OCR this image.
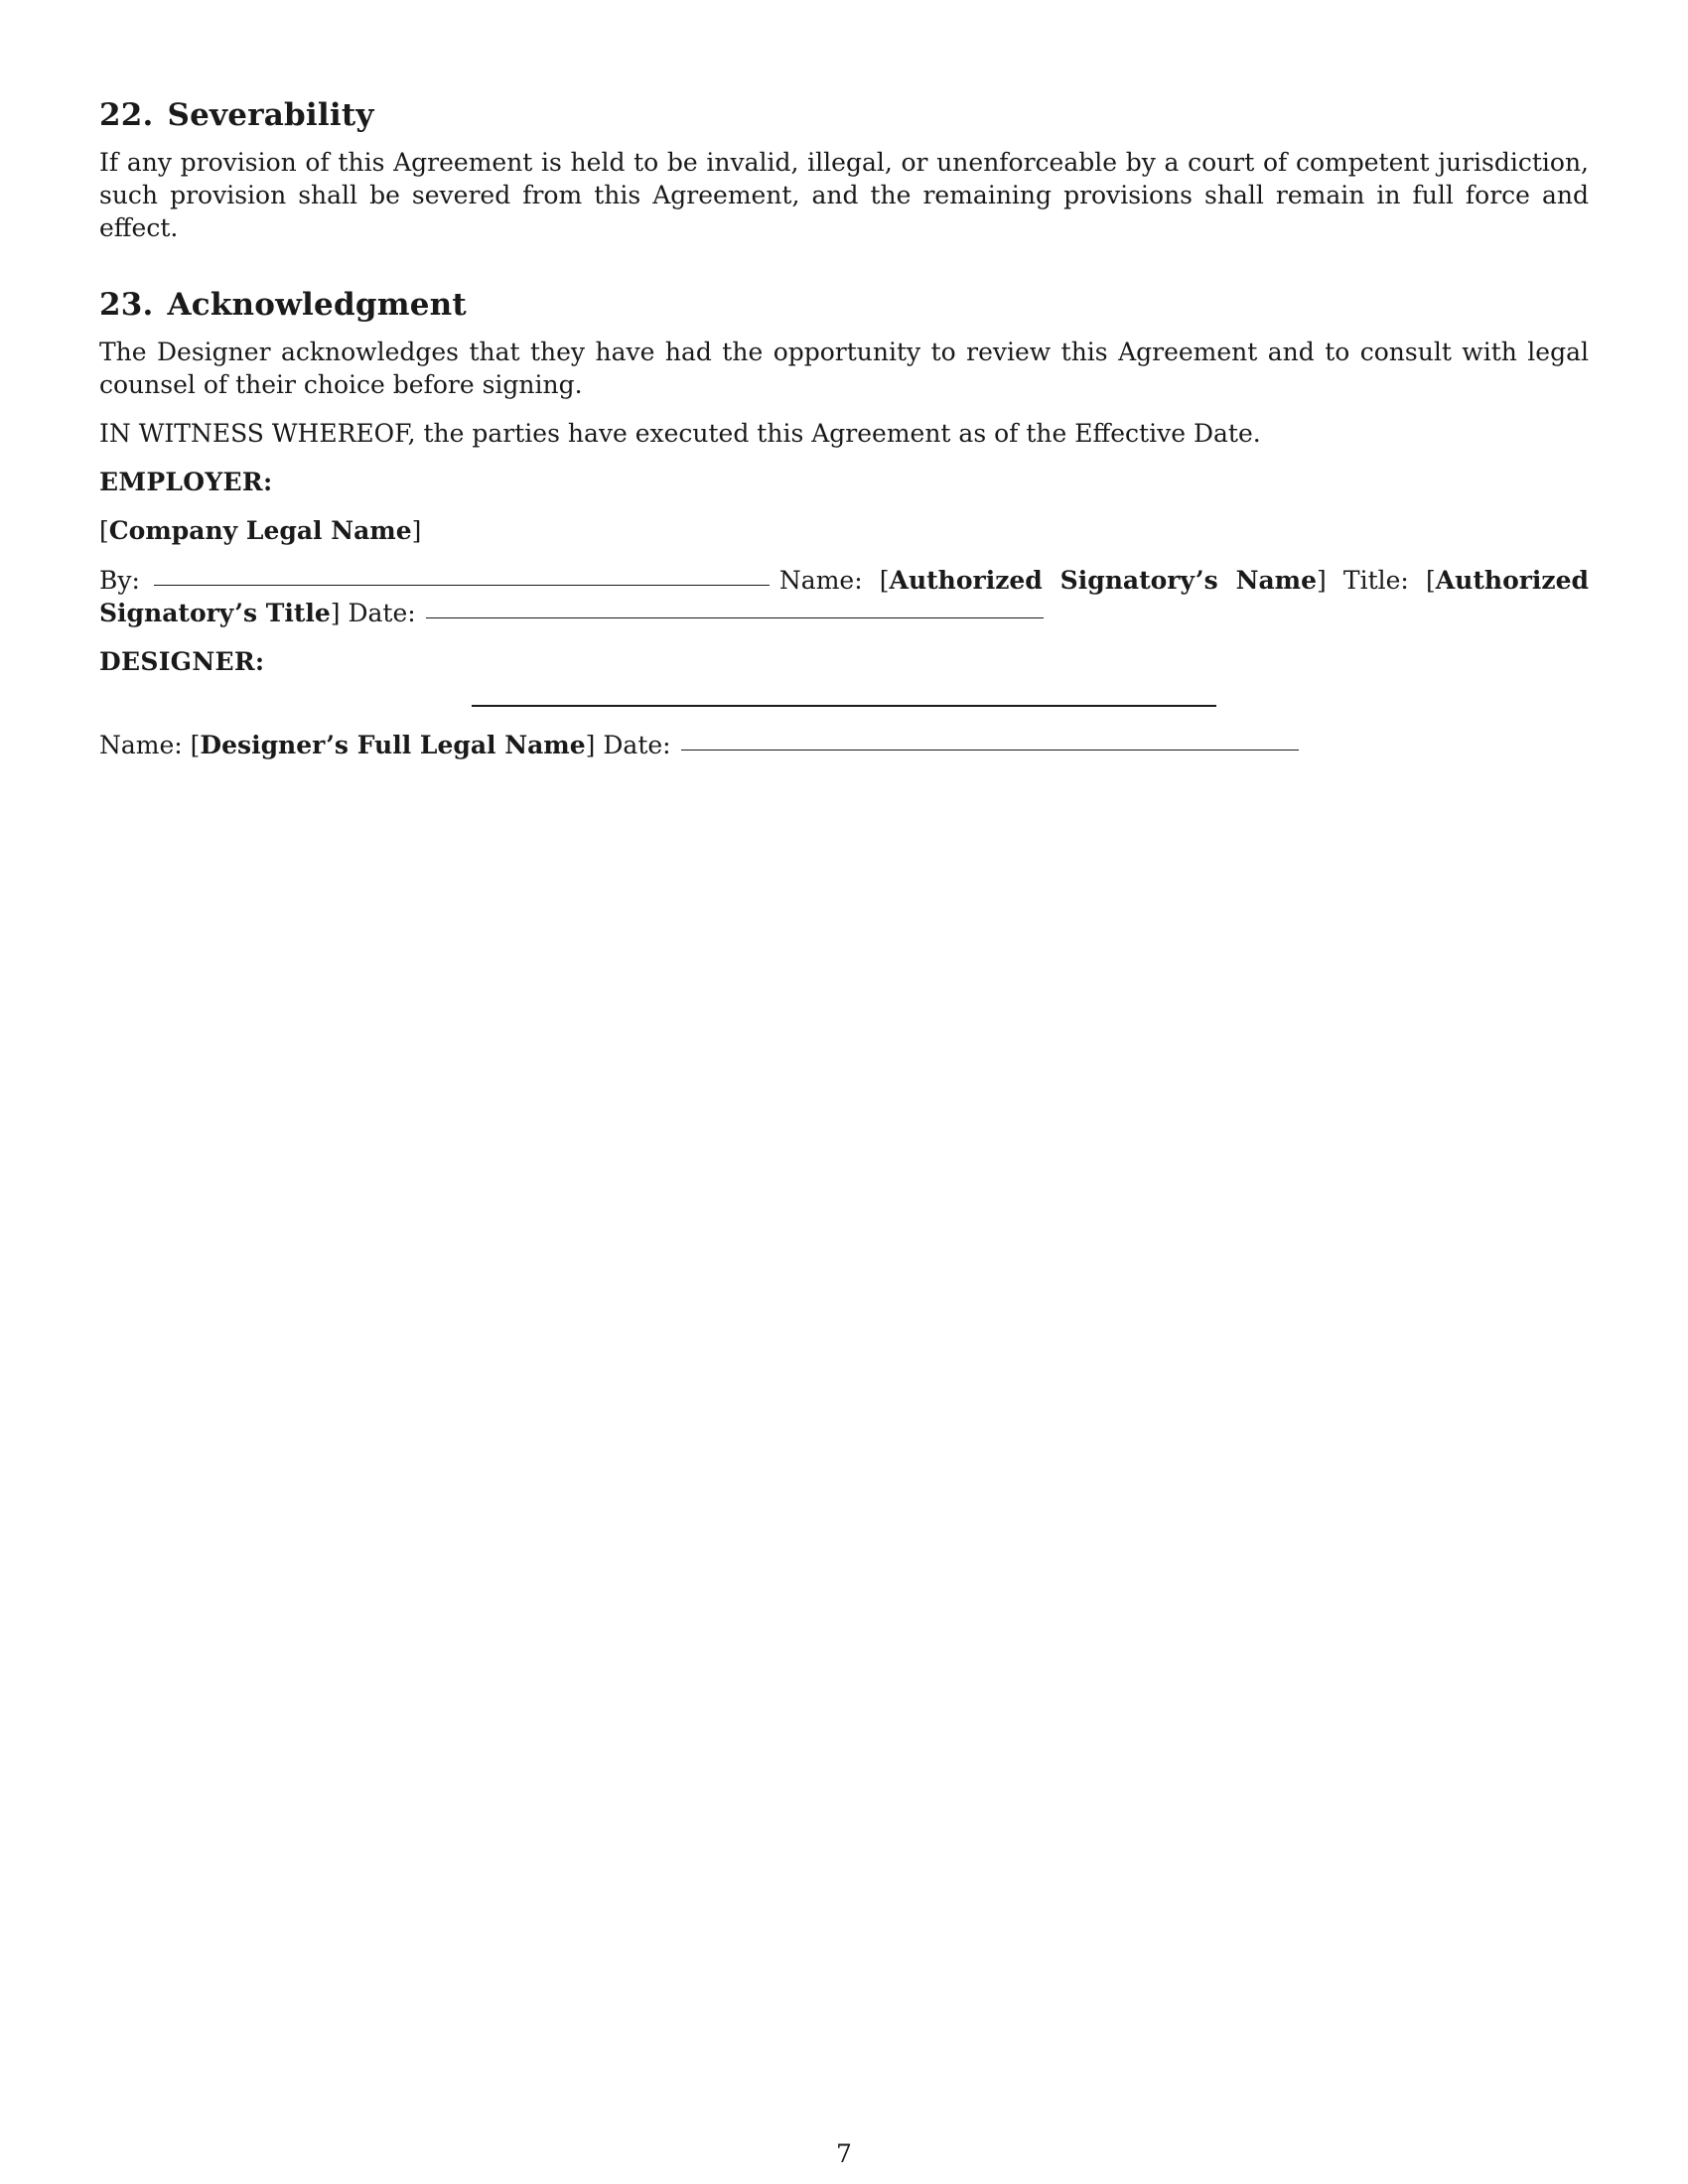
22. Severability

If any provision of this Agreement is held to be invalid, illegal, or unenforceable by a court of competent jurisdiction, such provision shall be severed from this Agreement, and the remaining provisions shall remain in full force and effect.

23. Acknowledgment

The Designer acknowledges that they have had the opportunity to review this Agreement and to consult with legal counsel of their choice before signing.

IN WITNESS WHEREOF, the parties have executed this Agreement as of the Effective Date.

EMPLOYER:

[Company Legal Name]

By:	Name: [Authorized Signatory’s Name] Title: [Authorized Signatory’s Title] Date:

DESIGNER:

Name: [Designer’s Full Legal Name] Date:

7
